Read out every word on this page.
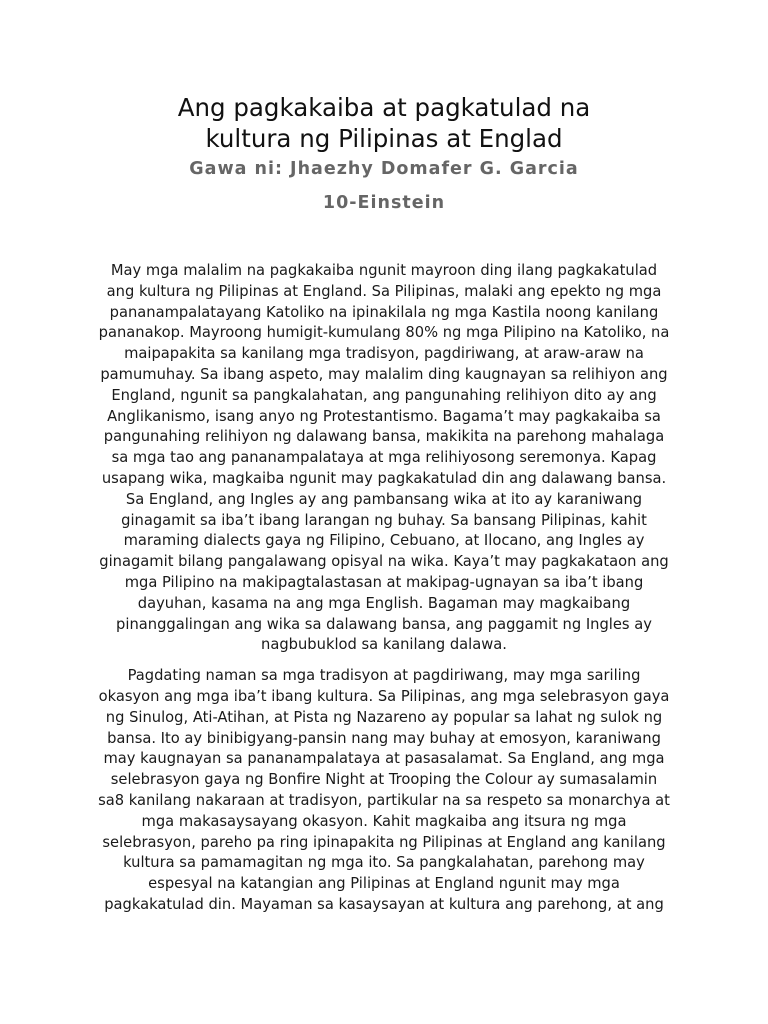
Ang pagkakaiba at pagkatulad na
kultura ng Pilipinas at Englad
Gawa ni: Jhaezhy Domafer G. Garcia
10-Einstein

May mga malalim na pagkakaiba ngunit mayroon ding ilang pagkakatulad
ang kultura ng Pilipinas at England. Sa Pilipinas, malaki ang epekto ng mga
pananampalatayang Katoliko na ipinakilala ng mga Kastila noong kanilang
pananakop. Mayroong humigit-kumulang 80% ng mga Pilipino na Katoliko, na
maipapakita sa kanilang mga tradisyon, pagdiriwang, at araw-araw na
pamumuhay. Sa ibang aspeto, may malalim ding kaugnayan sa relihiyon ang
England, ngunit sa pangkalahatan, ang pangunahing relihiyon dito ay ang
Anglikanismo, isang anyo ng Protestantismo. Bagama’t may pagkakaiba sa
pangunahing relihiyon ng dalawang bansa, makikita na parehong mahalaga
sa mga tao ang pananampalataya at mga relihiyosong seremonya. Kapag
usapang wika, magkaiba ngunit may pagkakatulad din ang dalawang bansa.
Sa England, ang Ingles ay ang pambansang wika at ito ay karaniwang
ginagamit sa iba’t ibang larangan ng buhay. Sa bansang Pilipinas, kahit
maraming dialects gaya ng Filipino, Cebuano, at Ilocano, ang Ingles ay
ginagamit bilang pangalawang opisyal na wika. Kaya’t may pagkakataon ang
mga Pilipino na makipagtalastasan at makipag-ugnayan sa iba’t ibang
dayuhan, kasama na ang mga English. Bagaman may magkaibang
pinanggalingan ang wika sa dalawang bansa, ang paggamit ng Ingles ay
nagbubuklod sa kanilang dalawa.

Pagdating naman sa mga tradisyon at pagdiriwang, may mga sariling
okasyon ang mga iba’t ibang kultura. Sa Pilipinas, ang mga selebrasyon gaya
ng Sinulog, Ati-Atihan, at Pista ng Nazareno ay popular sa lahat ng sulok ng
bansa. Ito ay binibigyang-pansin nang may buhay at emosyon, karaniwang
may kaugnayan sa pananampalataya at pasasalamat. Sa England, ang mga
selebrasyon gaya ng Bonfire Night at Trooping the Colour ay sumasalamin
sa8 kanilang nakaraan at tradisyon, partikular na sa respeto sa monarchya at
mga makasaysayang okasyon. Kahit magkaiba ang itsura ng mga
selebrasyon, pareho pa ring ipinapakita ng Pilipinas at England ang kanilang
kultura sa pamamagitan ng mga ito. Sa pangkalahatan, parehong may
espesyal na katangian ang Pilipinas at England ngunit may mga
pagkakatulad din. Mayaman sa kasaysayan at kultura ang parehong, at ang
